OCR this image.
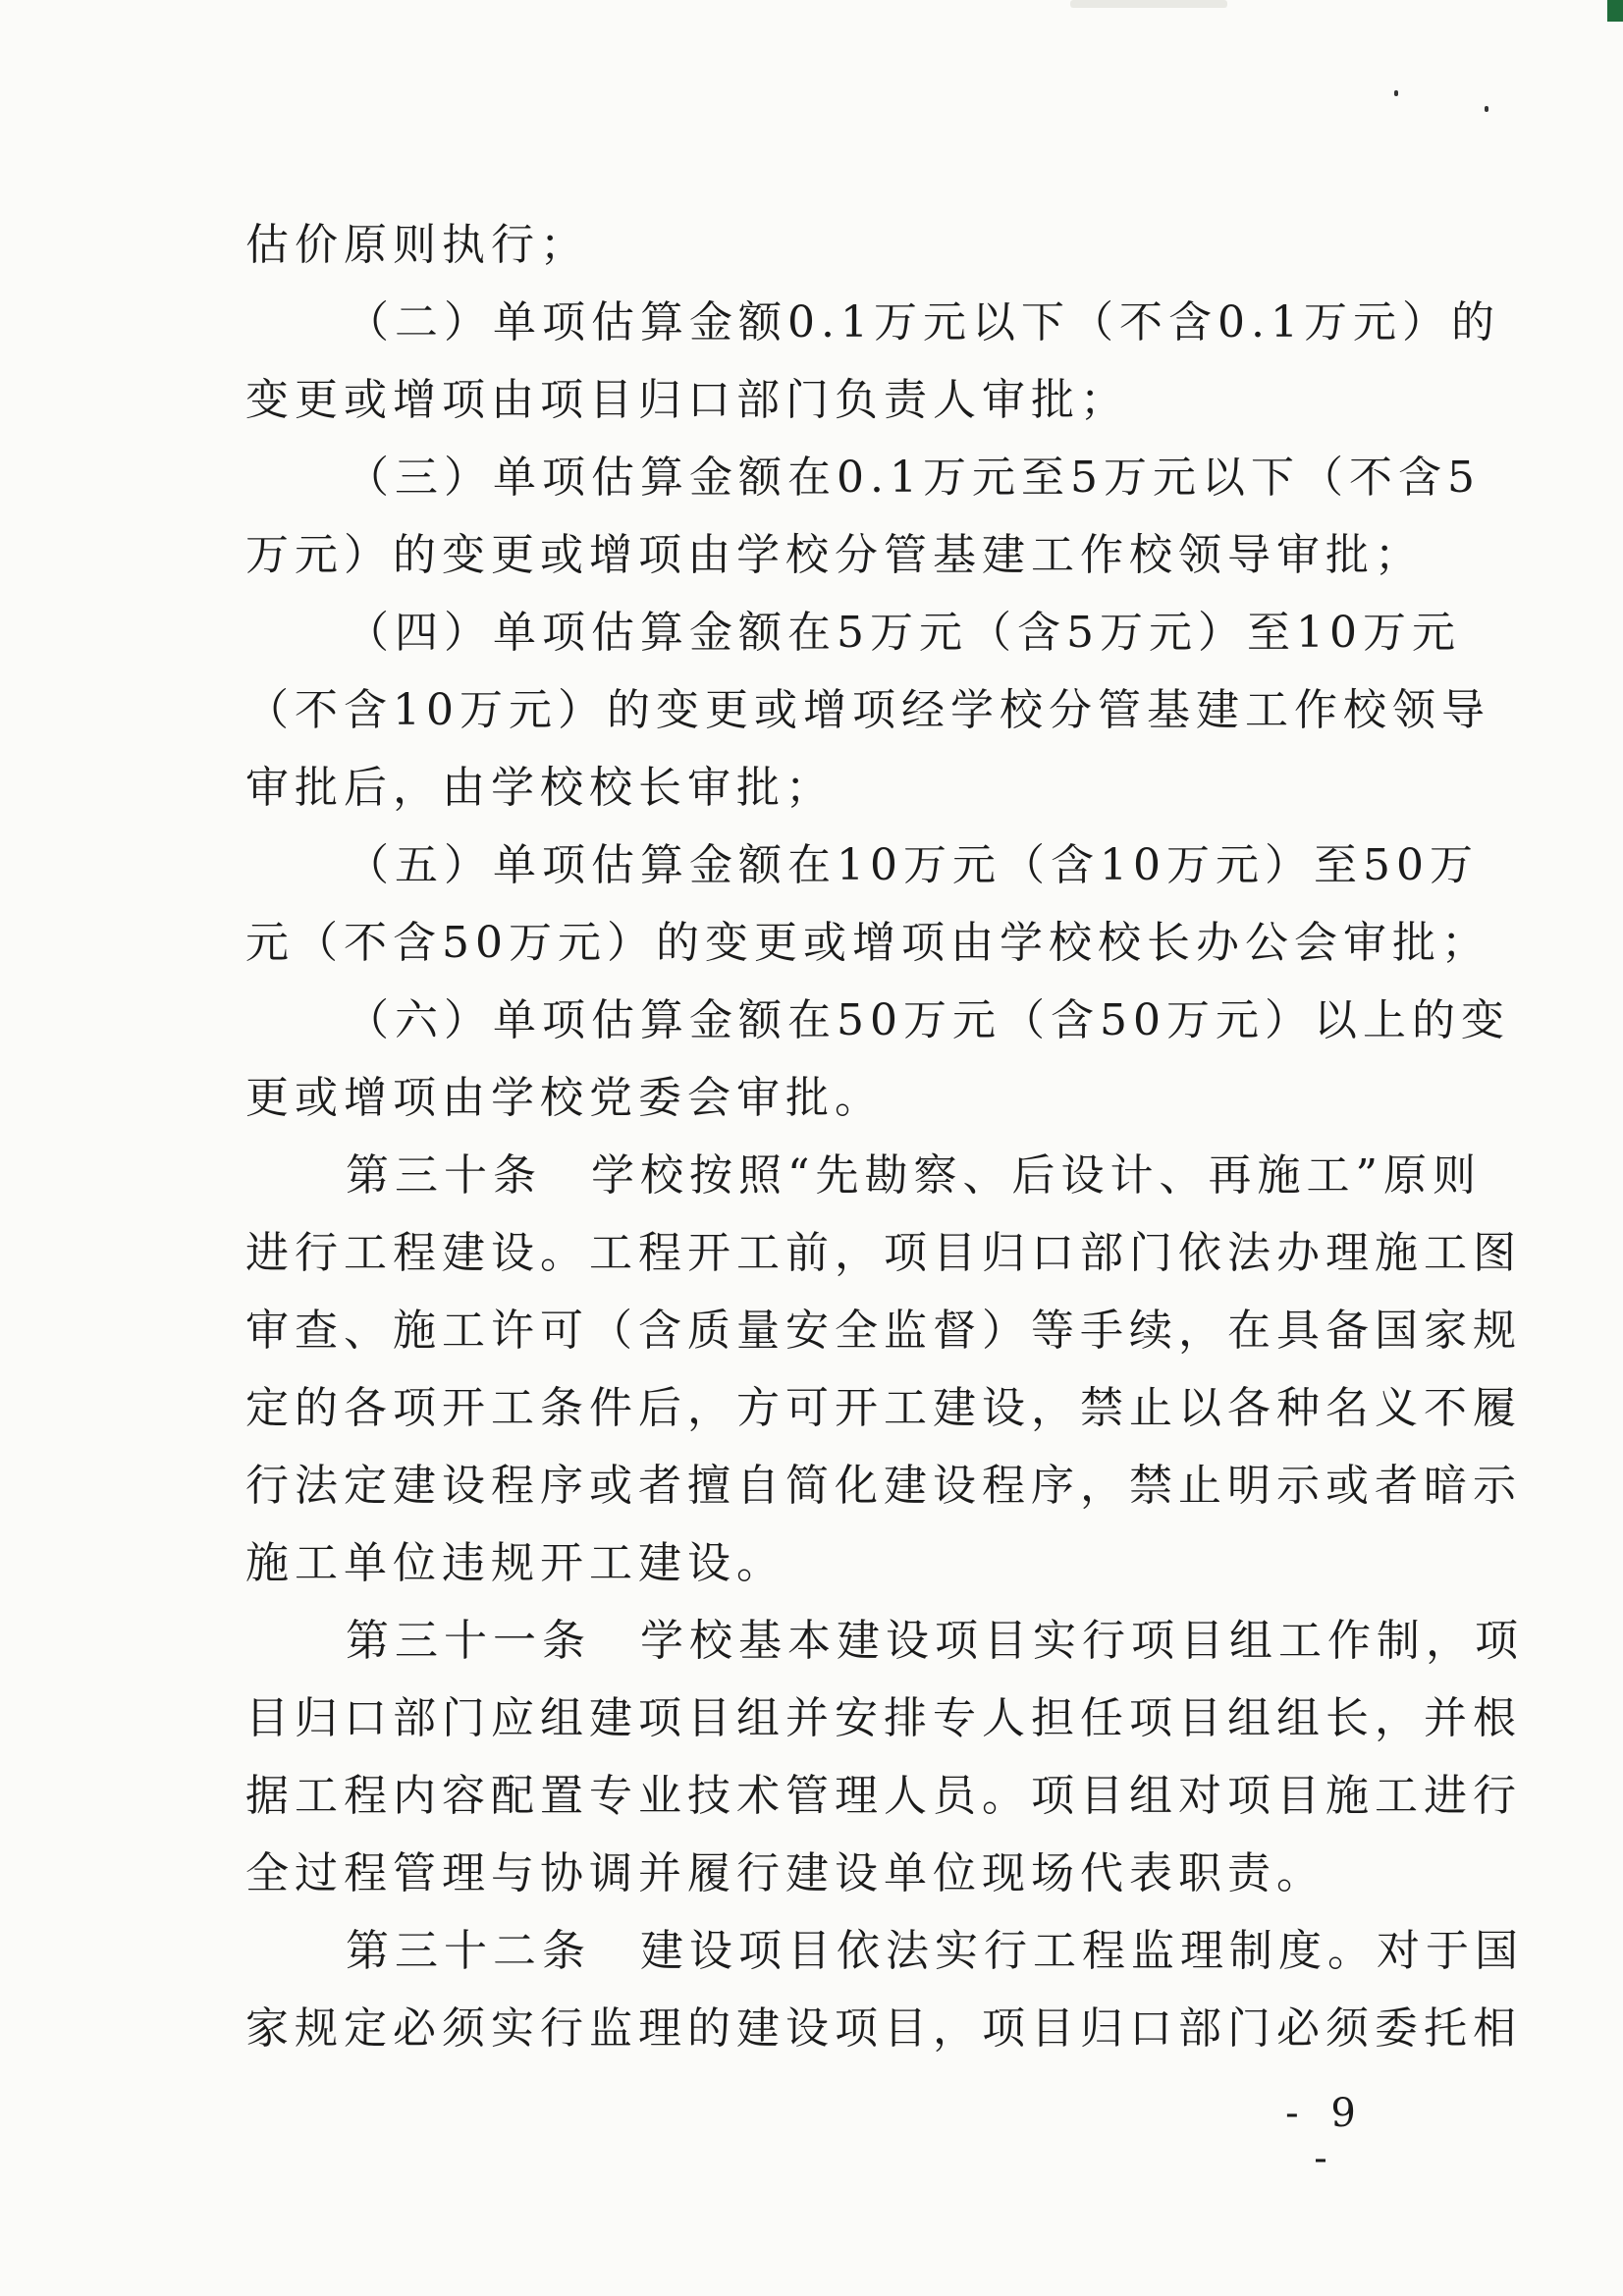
估价原则执行；
（二）单项估算金额0.1万元以下（不含0.1万元）的
变更或增项由项目归口部门负责人审批；
（三）单项估算金额在0.1万元至5万元以下（不含5
万元）的变更或增项由学校分管基建工作校领导审批；
（四）单项估算金额在5万元（含5万元）至10万元
（不含10万元）的变更或增项经学校分管基建工作校领导
审批后，由学校校长审批；
（五）单项估算金额在10万元（含10万元）至50万
元（不含50万元）的变更或增项由学校校长办公会审批；
（六）单项估算金额在50万元（含50万元）以上的变
更或增项由学校党委会审批。
第三十条　学校按照“先勘察、后设计、再施工”原则
进行工程建设。工程开工前，项目归口部门依法办理施工图
审查、施工许可（含质量安全监督）等手续，在具备国家规
定的各项开工条件后，方可开工建设，禁止以各种名义不履
行法定建设程序或者擅自简化建设程序，禁止明示或者暗示
施工单位违规开工建设。
第三十一条　学校基本建设项目实行项目组工作制，项
目归口部门应组建项目组并安排专人担任项目组组长，并根
据工程内容配置专业技术管理人员。项目组对项目施工进行
全过程管理与协调并履行建设单位现场代表职责。
第三十二条　建设项目依法实行工程监理制度。对于国
家规定必须实行监理的建设项目，项目归口部门必须委托相
- 9 -
